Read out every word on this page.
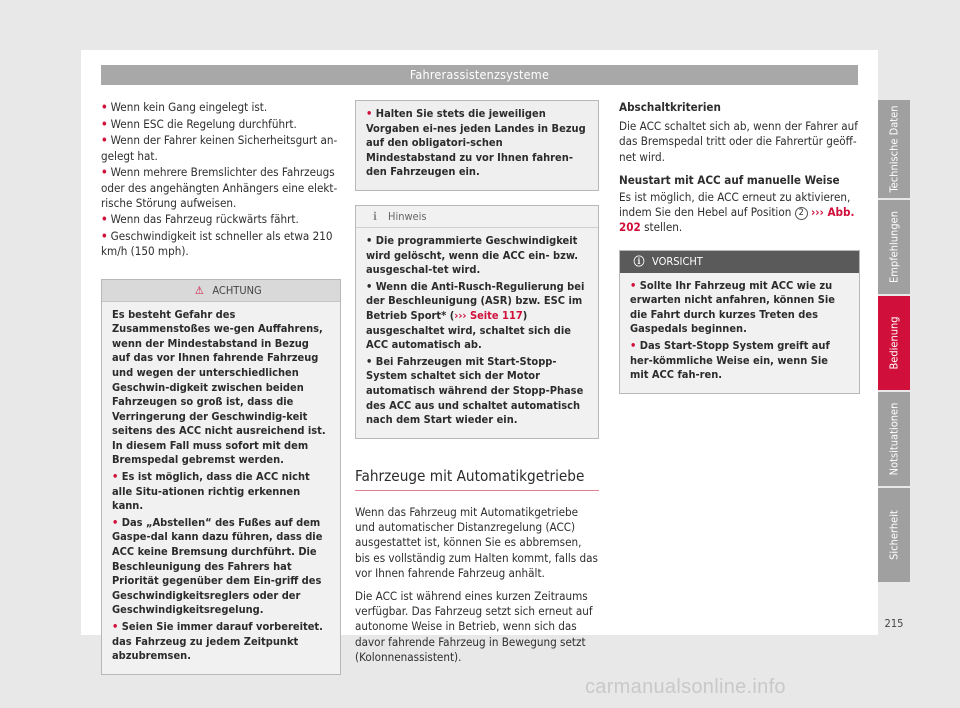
Fahrerassistenzsysteme
• Wenn kein Gang eingelegt ist.
• Wenn ESC die Regelung durchführt.
• Wenn der Fahrer keinen Sicherheitsgurt an-gelegt hat.
• Wenn mehrere Bremslichter des Fahrzeugs oder des angehängten Anhängers eine elekt-rische Störung aufweisen.
• Wenn das Fahrzeug rückwärts fährt.
• Geschwindigkeit ist schneller als etwa 210 km/h (150 mph).
⚠ ACHTUNG

Es besteht Gefahr des Zusammenstoßes we-gen Auffahrens, wenn der Mindestabstand in Bezug auf das vor Ihnen fahrende Fahrzeug und wegen der unterschiedlichen Geschwin-digkeit zwischen beiden Fahrzeugen so groß ist, dass die Verringerung der Geschwindig-keit seitens des ACC nicht ausreichend ist. In diesem Fall muss sofort mit dem Bremspedal gebremst werden.

• Es ist möglich, dass die ACC nicht alle Situ-ationen richtig erkennen kann.

• Das „Abstellen“ des Fußes auf dem Gaspe-dal kann dazu führen, dass die ACC keine Bremsung durchführt. Die Beschleunigung des Fahrers hat Priorität gegenüber dem Ein-griff des Geschwindigkeitsreglers oder der Geschwindigkeitsregelung.

• Seien Sie immer darauf vorbereitet. das Fahrzeug zu jedem Zeitpunkt abzubremsen.

• Halten Sie stets die jeweiligen Vorgaben ei-nes jeden Landes in Bezug auf den obligatori-schen Mindestabstand zu vor Ihnen fahren-den Fahrzeugen ein.

ℹ Hinweis

• Die programmierte Geschwindigkeit wird gelöscht, wenn die ACC ein- bzw. ausgeschal-tet wird.

• Wenn die Anti-Rusch-Regulierung bei der Beschleunigung (ASR) bzw. ESC im Betrieb Sport* (››› Seite 117) ausgeschaltet wird, schaltet sich die ACC automatisch ab.

• Bei Fahrzeugen mit Start-Stopp-System schaltet sich der Motor automatisch während der Stopp-Phase des ACC aus und schaltet automatisch nach dem Start wieder ein.

Fahrzeuge mit Automatikgetriebe

Wenn das Fahrzeug mit Automatikgetriebe und automatischer Distanzregelung (ACC) ausgestattet ist, können Sie es abbremsen, bis es vollständig zum Halten kommt, falls das vor Ihnen fahrende Fahrzeug anhält.

Die ACC ist während eines kurzen Zeitraums verfügbar. Das Fahrzeug setzt sich erneut auf autonome Weise in Betrieb, wenn sich das davor fahrende Fahrzeug in Bewegung setzt (Kolonnenassistent).

Abschaltkriterien

Die ACC schaltet sich ab, wenn der Fahrer auf das Bremspedal tritt oder die Fahrertür geöff-net wird.

Neustart mit ACC auf manuelle Weise

Es ist möglich, die ACC erneut zu aktivieren, indem Sie den Hebel auf Position 2 ››› Abb. 202 stellen.

ⓘ VORSICHT

• Sollte Ihr Fahrzeug mit ACC wie zu erwarten nicht anfahren, können Sie die Fahrt durch kurzes Treten des Gaspedals beginnen.

• Das Start-Stopp System greift auf her-kömmliche Weise ein, wenn Sie mit ACC fah-ren.

Technische Daten
Empfehlungen
Bedienung
Notsituationen
Sicherheit
215
carmanualsonline.info
